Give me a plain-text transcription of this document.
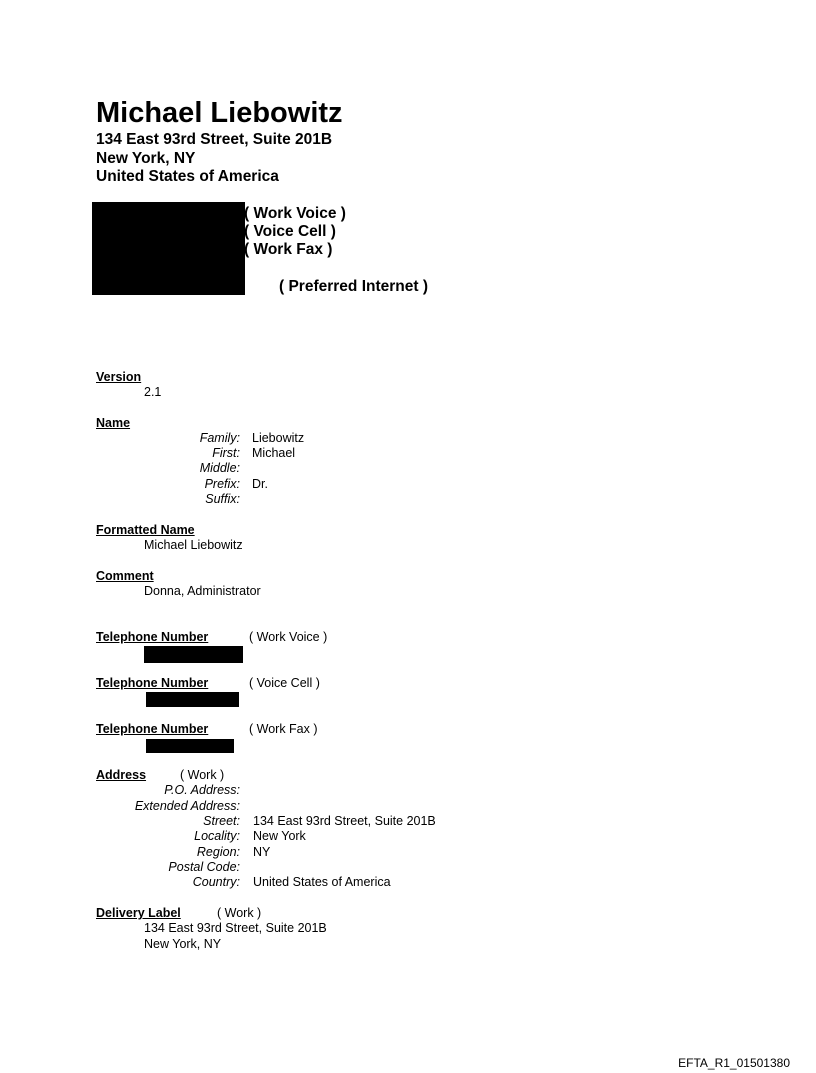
Michael Liebowitz
134 East 93rd Street, Suite 201B
New York, NY
United States of America
( Work Voice )
( Voice Cell )
( Work Fax )
( Preferred Internet )
Version
2.1
Name
Family: Liebowitz
First: Michael
Middle:
Prefix: Dr.
Suffix:
Formatted Name
Michael Liebowitz
Comment
Donna, Administrator
Telephone Number	( Work Voice )
Telephone Number	( Voice Cell )
Telephone Number	( Work Fax )
Address	( Work )
P.O. Address:
Extended Address:
Street: 134 East 93rd Street, Suite 201B
Locality: New York
Region: NY
Postal Code:
Country: United States of America
Delivery Label	( Work )
134 East 93rd Street, Suite 201B
New York, NY
EFTA_R1_01501380
